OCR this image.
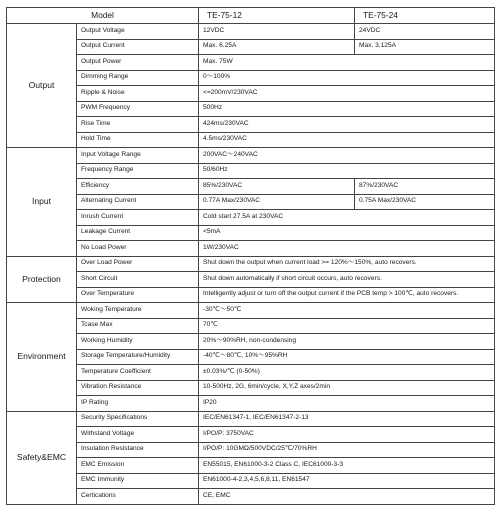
Model		TE-75-12	TE-75-24
Output	Output Voltage	12VDC	24VDC
	Output Current	Max. 6.25A	Max. 3.125A
	Output Power	Max. 75W	
	Dimming Range	0～100%	
	Ripple & Noise	<=200mV/230VAC	
	PWM Frequency	500Hz	
	Rise Time	424ms/230VAC	
	Hold Time	4.5ms/230VAC	
Input	Input Voltage Range	200VAC～240VAC	
	Frequency Range	50/60Hz	
	Efficiency	85%/230VAC	87%/230VAC
	Alternating Current	0.77A Max/230VAC	0.75A Max/230VAC
	Inrush Current	Cold start 27.5A at 230VAC	
	Leakage Current	<5mA	
	No Load Power	1W/230VAC	
Protection	Over Load Power	Shut down the output when current load >= 120%～150%, auto recovers.	
	Short Circuit	Shut down automatically if short circuit occurs, auto recovers.	
	Over Temperature	Intelligently adjust or turn off the output current if the PCB temp > 100℃, auto recovers.	
Environment	Woking Temperature	-30℃～50℃	
	Tcase Max	70℃	
	Working Humidity	20%～90%RH, non-condensing	
	Storage Temperature/Humidity	-40℃～80℃, 10%～95%RH	
	Temperature Coefficient	±0.03%/℃ (0-50%)	
	Vibration Resistance	10-500Hz, 2G, 6min/cycle, X,Y,Z axes/2min	
	IP Rating	IP20	
Safety&EMC	Security Specifications	IEC/EN61347-1, IEC/EN61347-2-13	
	Withstand Voltage	I/PO/P: 3750VAC	
	Insulation Resistance	I/PO/P: 10GMΩ/500VDC/25℃/70%RH	
	EMC Emission	EN55015, EN61000-3-2 Class C, IEC61000-3-3	
	EMC Immunity	EN61000-4-2,3,4,5,6,8,11, EN61547	
	Certications	CE, EMC	
